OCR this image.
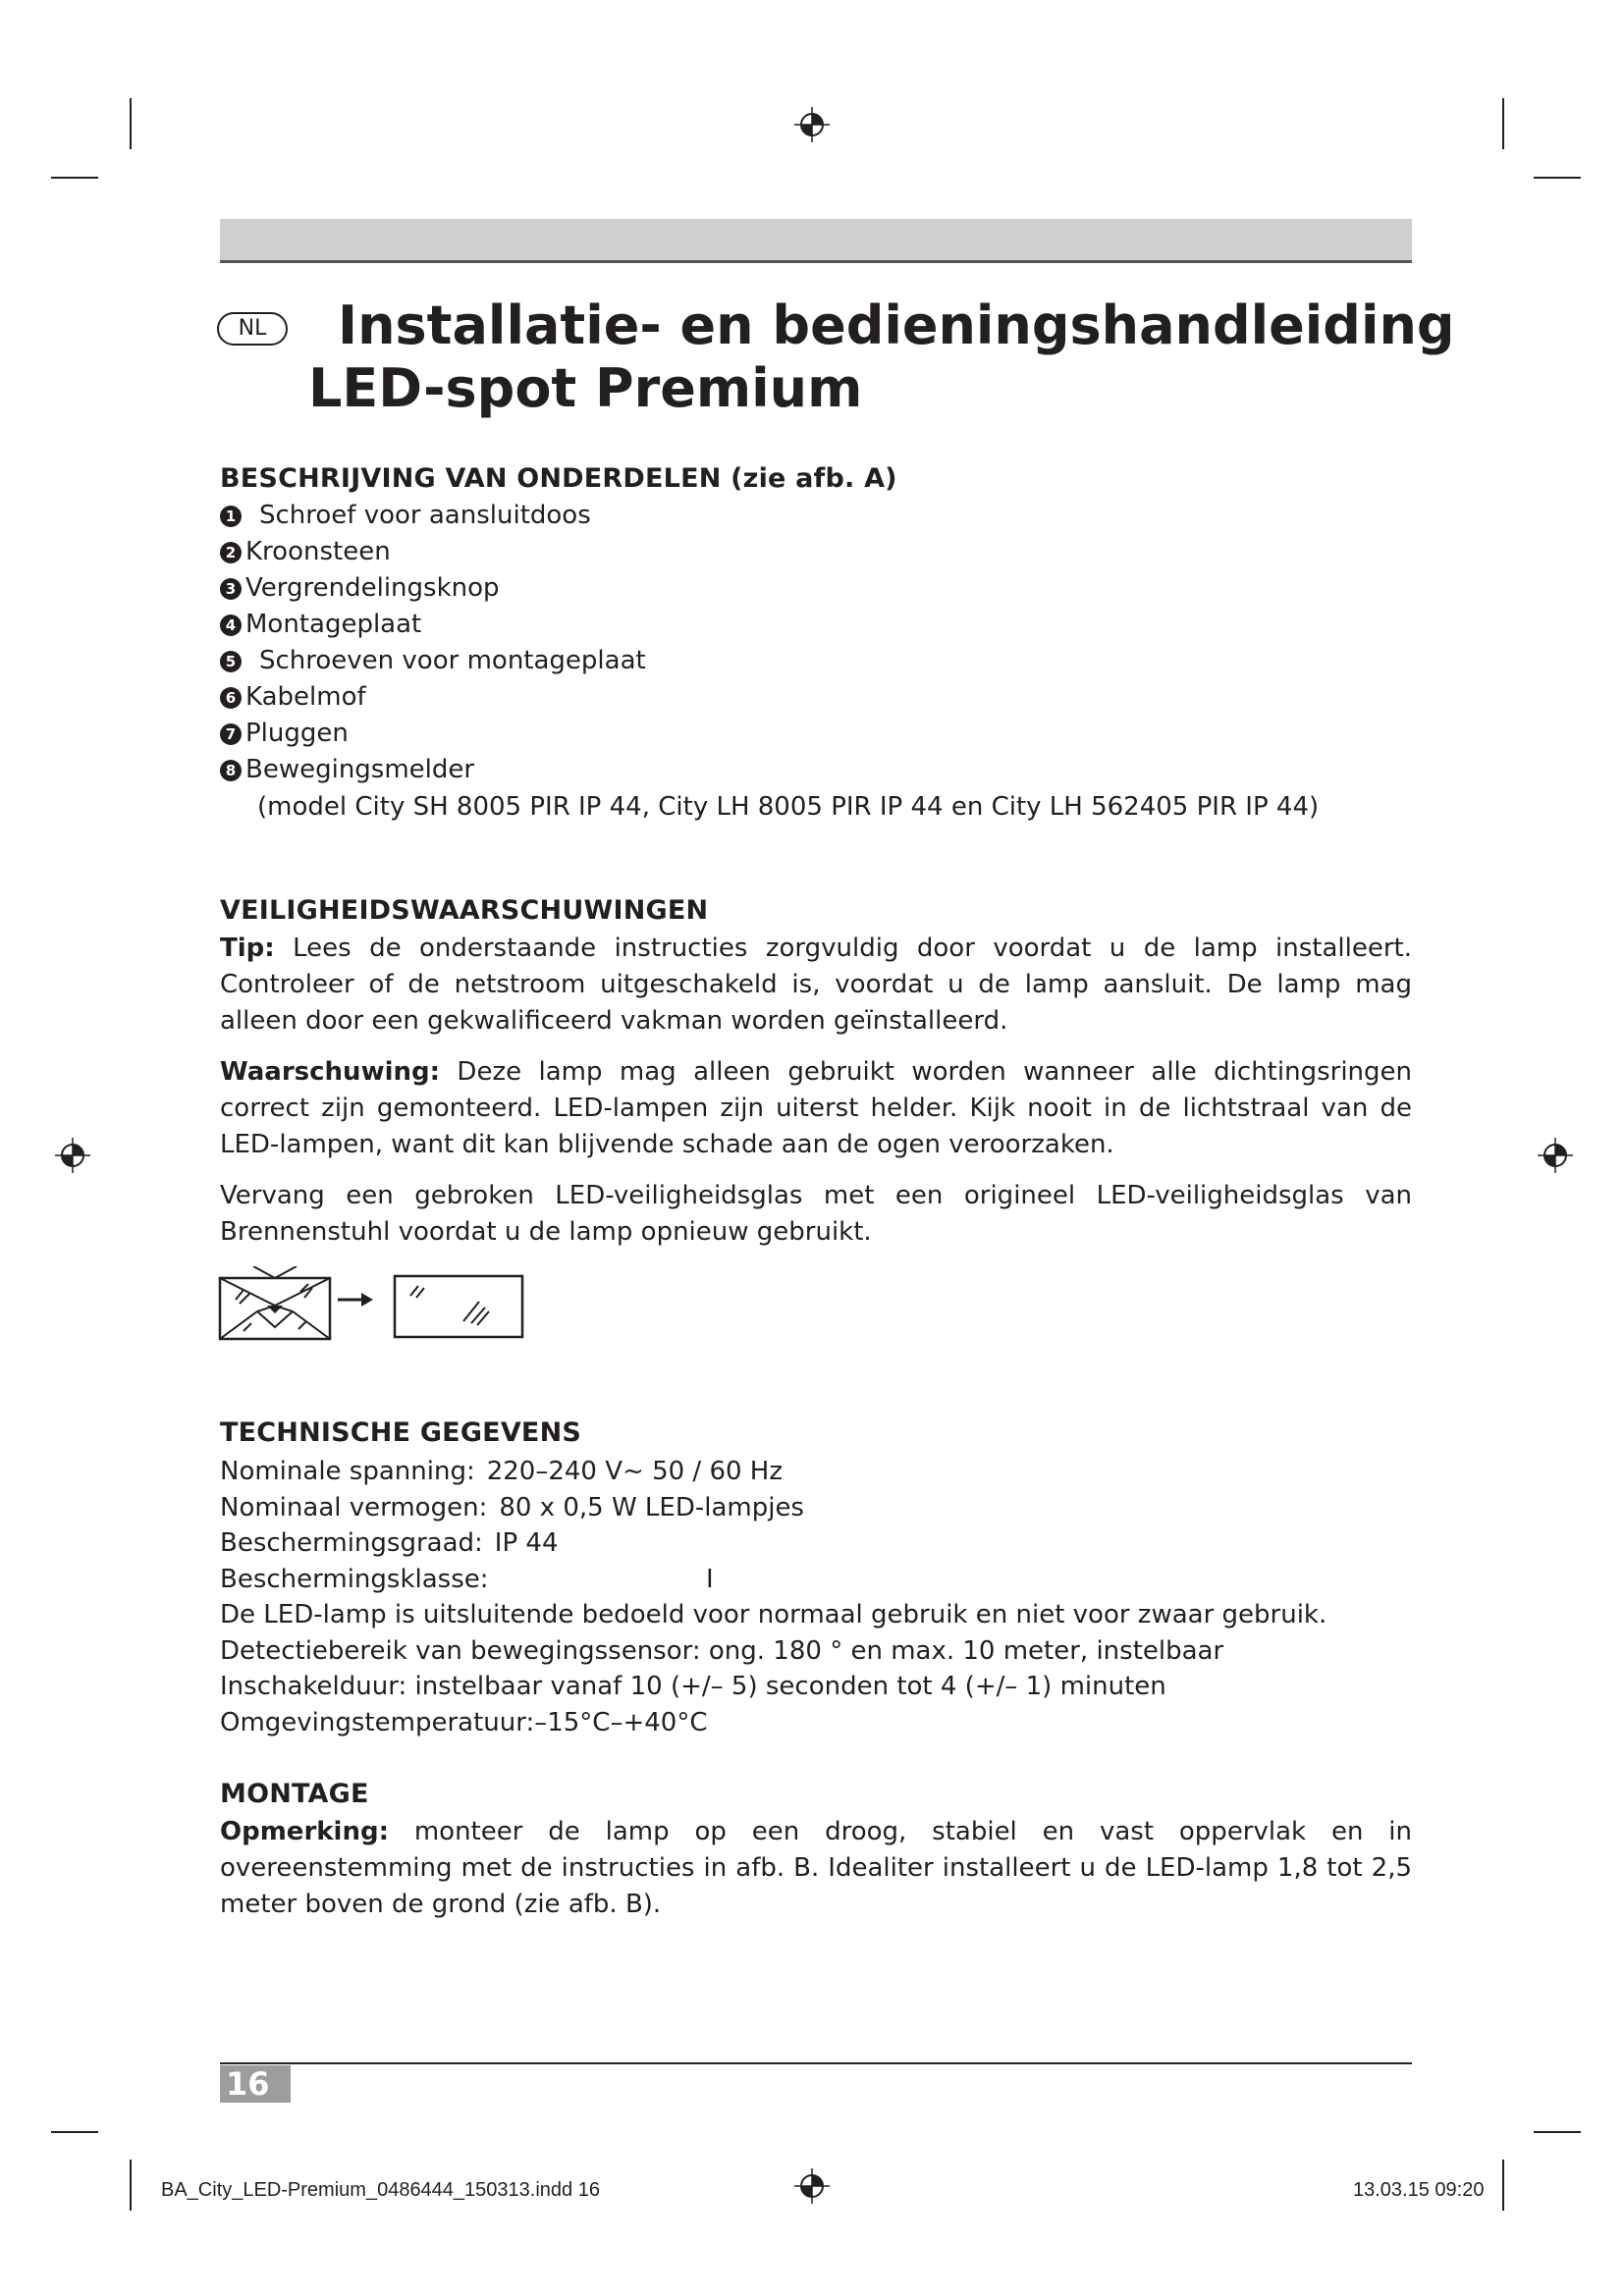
NL	Installatie- en bedieningshandleiding
LED-spot Premium
BESCHRIJVING VAN ONDERDELEN (zie afb. A)
1 Schroef voor aansluitdoos
2 Kroonsteen
3 Vergrendelingsknop
4 Montageplaat
5 Schroeven voor montageplaat
6 Kabelmof
7 Pluggen
8 Bewegingsmelder

(model City SH 8005 PIR IP 44, City LH 8005 PIR IP 44 en City LH 562405 PIR IP 44)

VEILIGHEIDSWAARSCHUWINGEN

Tip: Lees de onderstaande instructies zorgvuldig door voordat u de lamp installeert. Controleer of de netstroom uitgeschakeld is, voordat u de lamp aansluit. De lamp mag alleen door een gekwalificeerd vakman worden geïnstalleerd.

Waarschuwing: Deze lamp mag alleen gebruikt worden wanneer alle dichtingsringen correct zijn gemonteerd. LED-lampen zijn uiterst helder. Kijk nooit in de lichtstraal van de LED-lampen, want dit kan blijvende schade aan de ogen veroorzaken.

Vervang een gebroken LED-veiligheidsglas met een origineel LED-veiligheidsglas van Brennenstuhl voordat u de lamp opnieuw gebruikt.

TECHNISCHE GEGEVENS
Nominale spanning: 220–240 V~ 50 / 60 Hz
Nominaal vermogen: 80 x 0,5 W LED-lampjes
Beschermingsgraad: IP 44
Beschermingsklasse:	I
De LED-lamp is uitsluitende bedoeld voor normaal gebruik en niet voor zwaar gebruik.
Detectiebereik van bewegingssensor: ong. 180 ° en max. 10 meter, instelbaar
Inschakelduur: instelbaar vanaf 10 (+/– 5) seconden tot 4 (+/– 1) minuten
Omgevingstemperatuur:–15°C–+40°C
MONTAGE

Opmerking: monteer de lamp op een droog, stabiel en vast oppervlak en in overeenstemming met de instructies in afb. B. Idealiter installeert u de LED-lamp 1,8 tot 2,5 meter boven de grond (zie afb. B).

16
BA_City_LED-Premium_0486444_150313.indd 16	13.03.15 09:20
